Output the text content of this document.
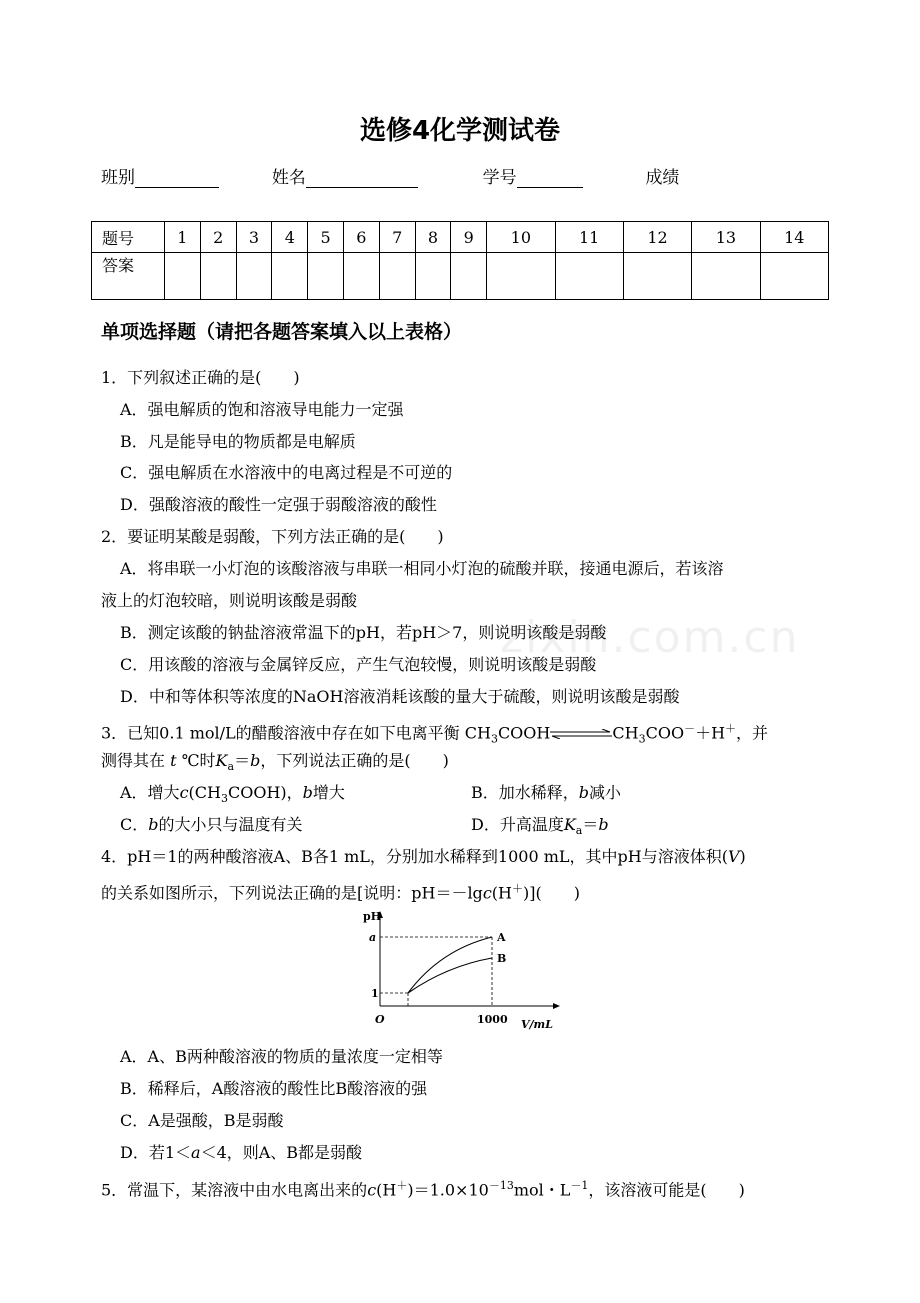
选修4化学测试卷
班别	姓名	学号	成绩
题号	1	2	3	4	5	6	7	8	9	10	11	12	13	14
答案														
单项选择题（请把各题答案填入以上表格）
zixin.com.cn
1．下列叙述正确的是(　　)
A．强电解质的饱和溶液导电能力一定强
B．凡是能导电的物质都是电解质
C．强电解质在水溶液中的电离过程是不可逆的
D．强酸溶液的酸性一定强于弱酸溶液的酸性
2．要证明某酸是弱酸，下列方法正确的是(　　)
A．将串联一小灯泡的该酸溶液与串联一相同小灯泡的硫酸并联，接通电源后，若该溶
液上的灯泡较暗，则说明该酸是弱酸
B．测定该酸的钠盐溶液常温下的pH，若pH＞7，则说明该酸是弱酸
C．用该酸的溶液与金属锌反应，产生气泡较慢，则说明该酸是弱酸
D．中和等体积等浓度的NaOH溶液消耗该酸的量大于硫酸，则说明该酸是弱酸
3．已知0.1 mol/L的醋酸溶液中存在如下电离平衡 $CH_3COOH\rightleftharpoons CH_3COO^-+H^+$，并
测得其在 t ℃时$K_a=b$，下列说法正确的是(　　)
A．增大$c(CH_3COOH)$，b增大	B．加水稀释，b减小
C．b的大小只与温度有关	D．升高温度$K_a=b$
4．pH＝1的两种酸溶液A、B各1 mL，分别加水稀释到1000 mL，其中pH与溶液体积(V)
的关系如图所示，下列说法正确的是[说明：pH＝－lgc(H＋)](　　)
pH
V/mL
O	1000
a
1
A
B
A．A、B两种酸溶液的物质的量浓度一定相等
B．稀释后，A酸溶液的酸性比B酸溶液的强
C．A是强酸，B是弱酸
D．若1＜a＜4，则A、B都是弱酸
5．常温下，某溶液中由水电离出来的$c(H^+)=1.0\times 10^{-13}mol$・$L^{-1}$，该溶液可能是(　　)
